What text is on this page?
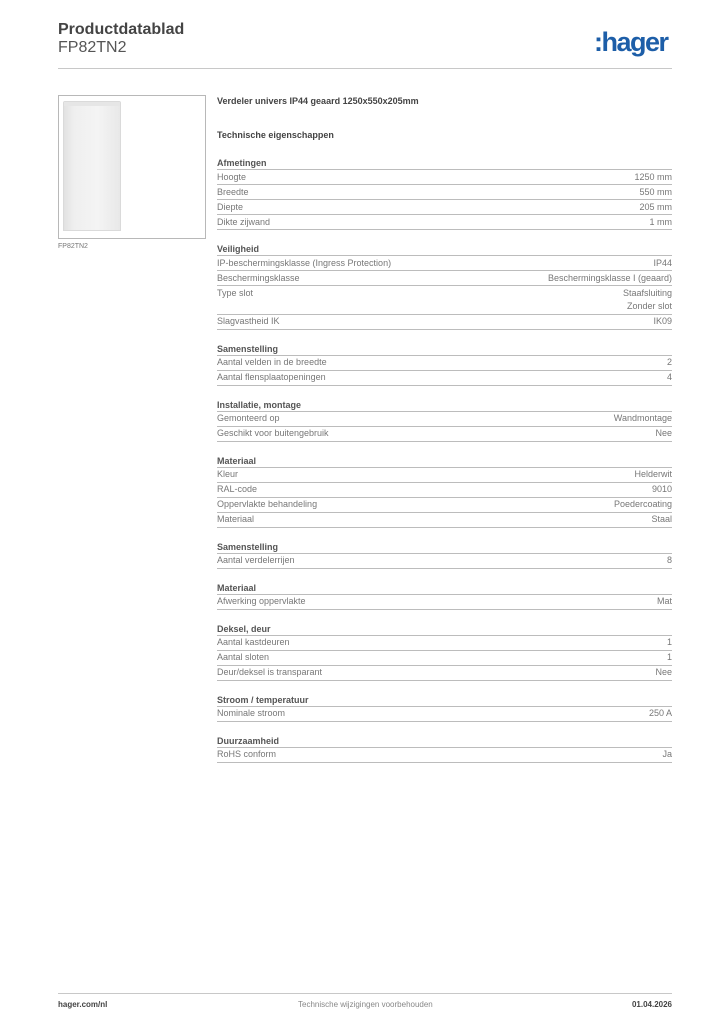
Productdatablad
FP82TN2	:hager
FP82TN2
Verdeler univers IP44 geaard 1250x550x205mm
Technische eigenschappen
Afmetingen
Hoogte	1250 mm
Breedte	550 mm
Diepte	205 mm
Dikte zijwand	1 mm
Veiligheid
IP-beschermingsklasse (Ingress Protection)	IP44
Beschermingsklasse	Beschermingsklasse I (geaard)
Type slot	Staafsluiting
Zonder slot
Slagvastheid IK	IK09
Samenstelling
Aantal velden in de breedte	2
Aantal flensplaatopeningen	4
Installatie, montage
Gemonteerd op	Wandmontage
Geschikt voor buitengebruik	Nee
Materiaal
Kleur	Helderwit
RAL-code	9010
Oppervlakte behandeling	Poedercoating
Materiaal	Staal
Samenstelling
Aantal verdelerrijen	8
Materiaal
Afwerking oppervlakte	Mat
Deksel, deur
Aantal kastdeuren	1
Aantal sloten	1
Deur/deksel is transparant	Nee
Stroom / temperatuur
Nominale stroom	250 A
Duurzaamheid
RoHS conform	Ja
hager.com/nl	Technische wijzigingen voorbehouden	01.04.2026
